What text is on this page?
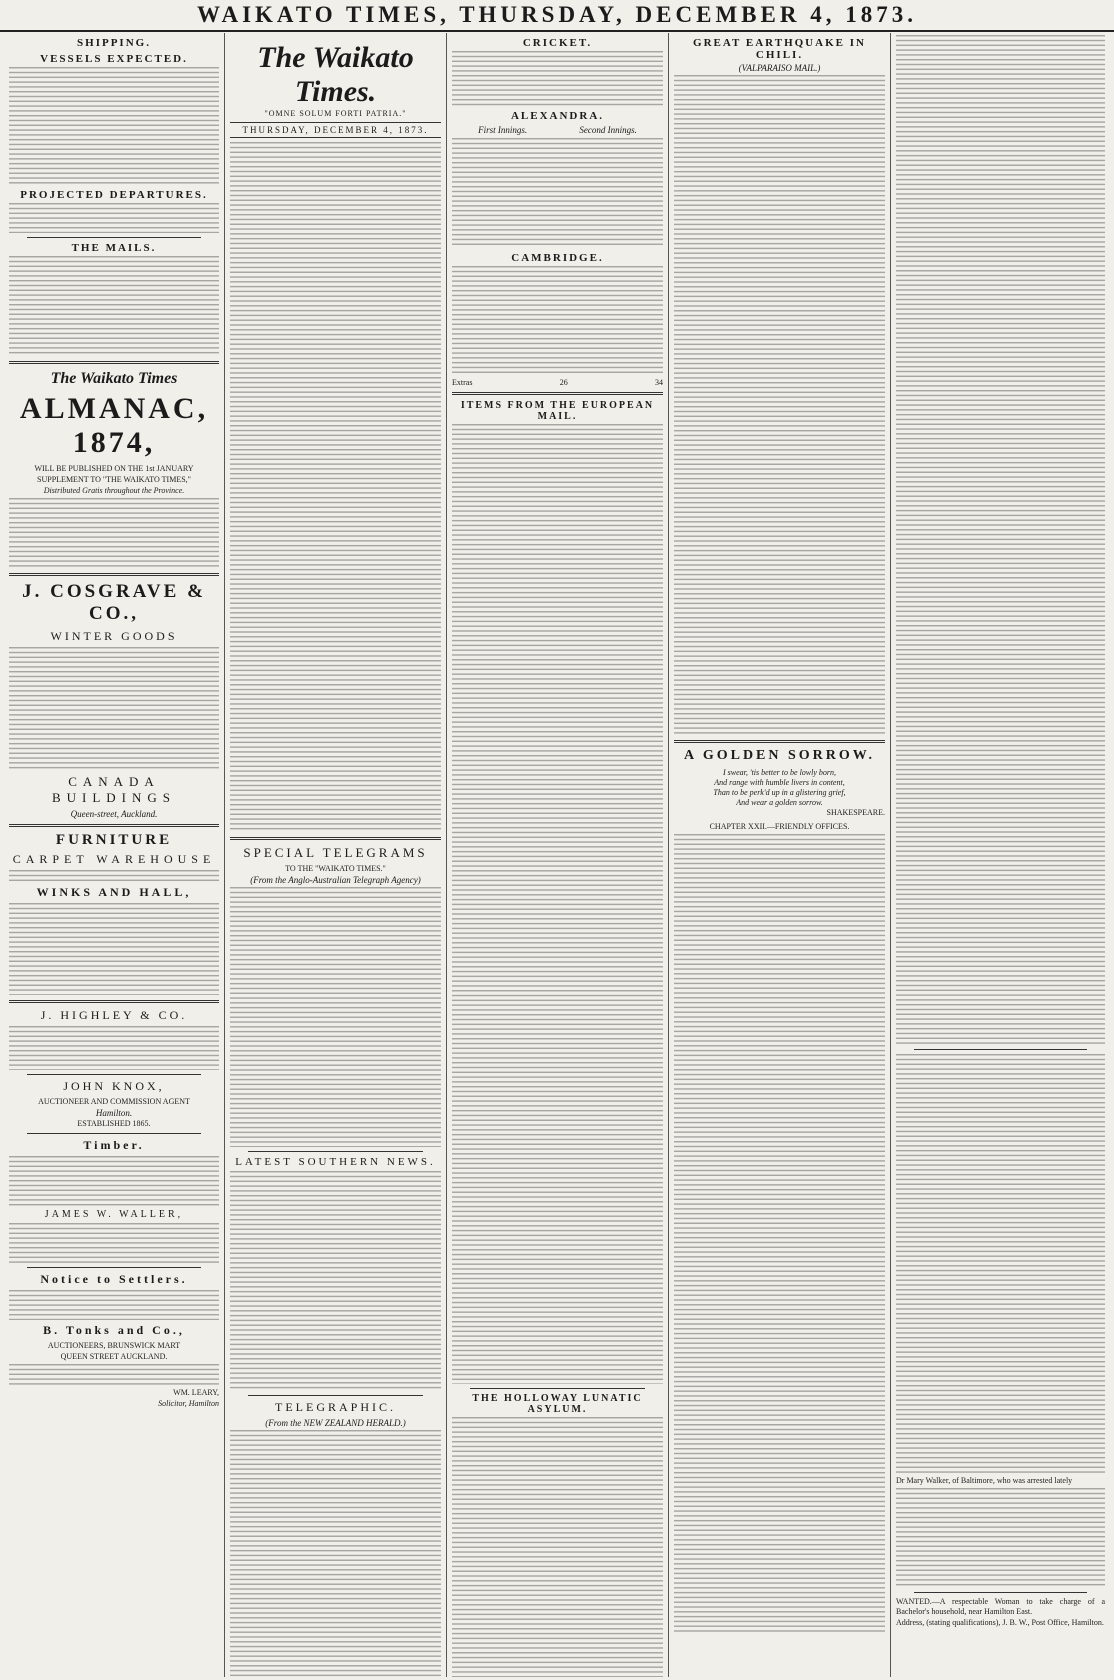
WAIKATO TIMES, THURSDAY, DECEMBER 4, 1873.
SHIPPING.
VESSELS EXPECTED.
PROJECTED DEPARTURES.
THE MAILS.
The Waikato Times
ALMANAC, 1874,
WILL BE PUBLISHED ON THE 1st JANUARY
SUPPLEMENT TO "THE WAIKATO TIMES,"
Distributed Gratis throughout the Province.
J. COSGRAVE & CO.,
WINTER GOODS
CANADA BUILDINGS
Queen-street, Auckland.
FURNITURE
CARPET WAREHOUSE
WINKS AND HALL,
J. HIGHLEY & CO.
JOHN KNOX,
AUCTIONEER AND COMMISSION AGENT
Hamilton.
ESTABLISHED 1865.
Timber.
JAMES W. WALLER,
Notice to Settlers.
B. Tonks and Co.,
AUCTIONEERS, BRUNSWICK MART
QUEEN STREET AUCKLAND.
WM. LEARY,
Solicitor, Hamilton
The Waikato Times.
"OMNE SOLUM FORTI PATRIA."
THURSDAY, DECEMBER 4, 1873.
SPECIAL TELEGRAMS
TO THE "WAIKATO TIMES."
(From the Anglo-Australian Telegraph Agency)
LATEST SOUTHERN NEWS.
TELEGRAPHIC.
(From the NEW ZEALAND HERALD.)
CRICKET.
ALEXANDRA.
First Innings.	Second Innings.
CAMBRIDGE.
Extras	26	34
ITEMS FROM THE EUROPEAN MAIL.
THE HOLLOWAY LUNATIC ASYLUM.
GREAT EARTHQUAKE IN CHILI.
(VALPARAISO MAIL.)
A GOLDEN SORROW.
I swear, 'tis better to be lowly born,
And range with humble livers in content,
Than to be perk'd up in a glistering grief,
And wear a golden sorrow.
SHAKESPEARE.
CHAPTER XXII.—FRIENDLY OFFICES.
Dr Mary Walker, of Baltimore, who was arrested lately
WANTED.—A respectable Woman to take charge of a Bachelor's household, near Hamilton East.
Address, (stating qualifications), J. B. W., Post Office, Hamilton.
